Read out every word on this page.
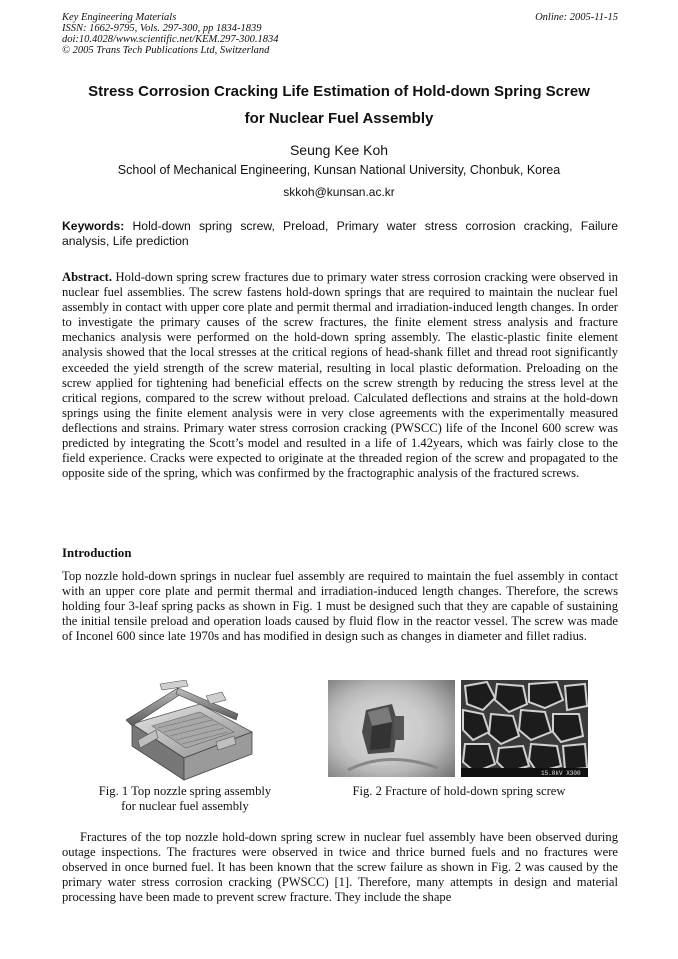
Key Engineering Materials
ISSN: 1662-9795, Vols. 297-300, pp 1834-1839
doi:10.4028/www.scientific.net/KEM.297-300.1834
© 2005 Trans Tech Publications Ltd, Switzerland
Online: 2005-11-15
Stress Corrosion Cracking Life Estimation of Hold-down Spring Screw
for Nuclear Fuel Assembly
Seung Kee Koh
School of Mechanical Engineering, Kunsan National University, Chonbuk, Korea
skkoh@kunsan.ac.kr
Keywords: Hold-down spring screw, Preload, Primary water stress corrosion cracking, Failure analysis, Life prediction
Abstract. Hold-down spring screw fractures due to primary water stress corrosion cracking were observed in nuclear fuel assemblies. The screw fastens hold-down springs that are required to maintain the nuclear fuel assembly in contact with upper core plate and permit thermal and irradiation-induced length changes. In order to investigate the primary causes of the screw fractures, the finite element stress analysis and fracture mechanics analysis were performed on the hold-down spring assembly. The elastic-plastic finite element analysis showed that the local stresses at the critical regions of head-shank fillet and thread root significantly exceeded the yield strength of the screw material, resulting in local plastic deformation. Preloading on the screw applied for tightening had beneficial effects on the screw strength by reducing the stress level at the critical regions, compared to the screw without preload. Calculated deflections and strains at the hold-down springs using the finite element analysis were in very close agreements with the experimentally measured deflections and strains. Primary water stress corrosion cracking (PWSCC) life of the Inconel 600 screw was predicted by integrating the Scott’s model and resulted in a life of 1.42years, which was fairly close to the field experience. Cracks were expected to originate at the threaded region of the screw and propagated to the opposite side of the spring, which was confirmed by the fractographic analysis of the fractured screws.
Introduction
Top nozzle hold-down springs in nuclear fuel assembly are required to maintain the fuel assembly in contact with an upper core plate and permit thermal and irradiation-induced length changes. Therefore, the screws holding four 3-leaf spring packs as shown in Fig. 1 must be designed such that they are capable of sustaining the initial tensile preload and operation loads caused by fluid flow in the reactor vessel. The screw was made of Inconel 600 since late 1970s and has modified in design such as changes in diameter and fillet radius.
15.0kV X300
Fig. 1 Top nozzle spring assembly
for nuclear fuel assembly
Fig. 2 Fracture of hold-down spring screw
Fractures of the top nozzle hold-down spring screw in nuclear fuel assembly have been observed during outage inspections. The fractures were observed in twice and thrice burned fuels and no fractures were observed in once burned fuel. It has been known that the screw failure as shown in Fig. 2 was caused by the primary water stress corrosion cracking (PWSCC) [1]. Therefore, many attempts in design and material processing have been made to prevent screw fracture. They include the shape
